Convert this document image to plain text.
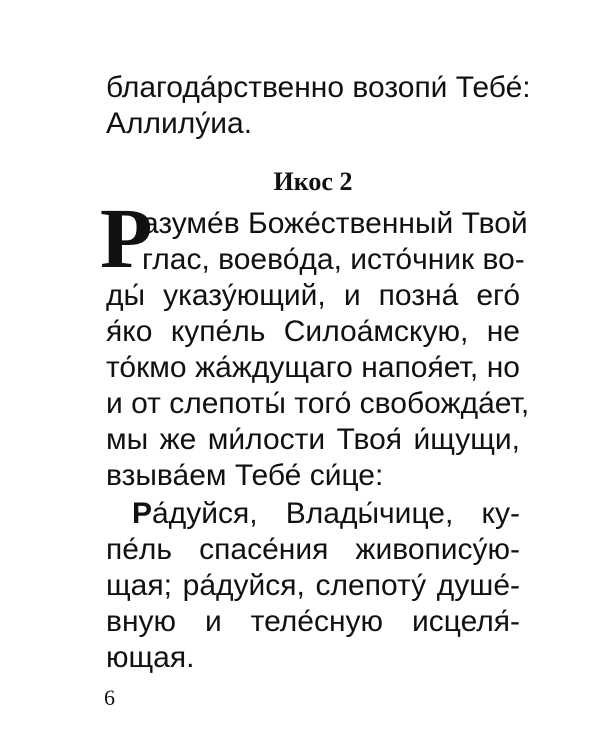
благода́рственно возопи́ Тебе́:
Аллилу́иа.
Икос 2
Р
азуме́в Боже́ственный Твой
глас, воево́да, исто́чник во-
ды́ указу́ющий, и позна́ его́
я́ко купе́ль Силоа́мскую, не
то́кмо жа́ждущаго напоя́ет, но
и от слепоты́ того́ свобожда́ет,
мы же ми́лости Твоя́ и́щущи,
взыва́ем Тебе́ си́це:
Ра́дуйся, Влады́чице, ку-
пе́ль спасе́ния живопису́ю-
щая; ра́дуйся, слепоту́ душе́-
вную и теле́сную исцеля́-
ющая.
6
